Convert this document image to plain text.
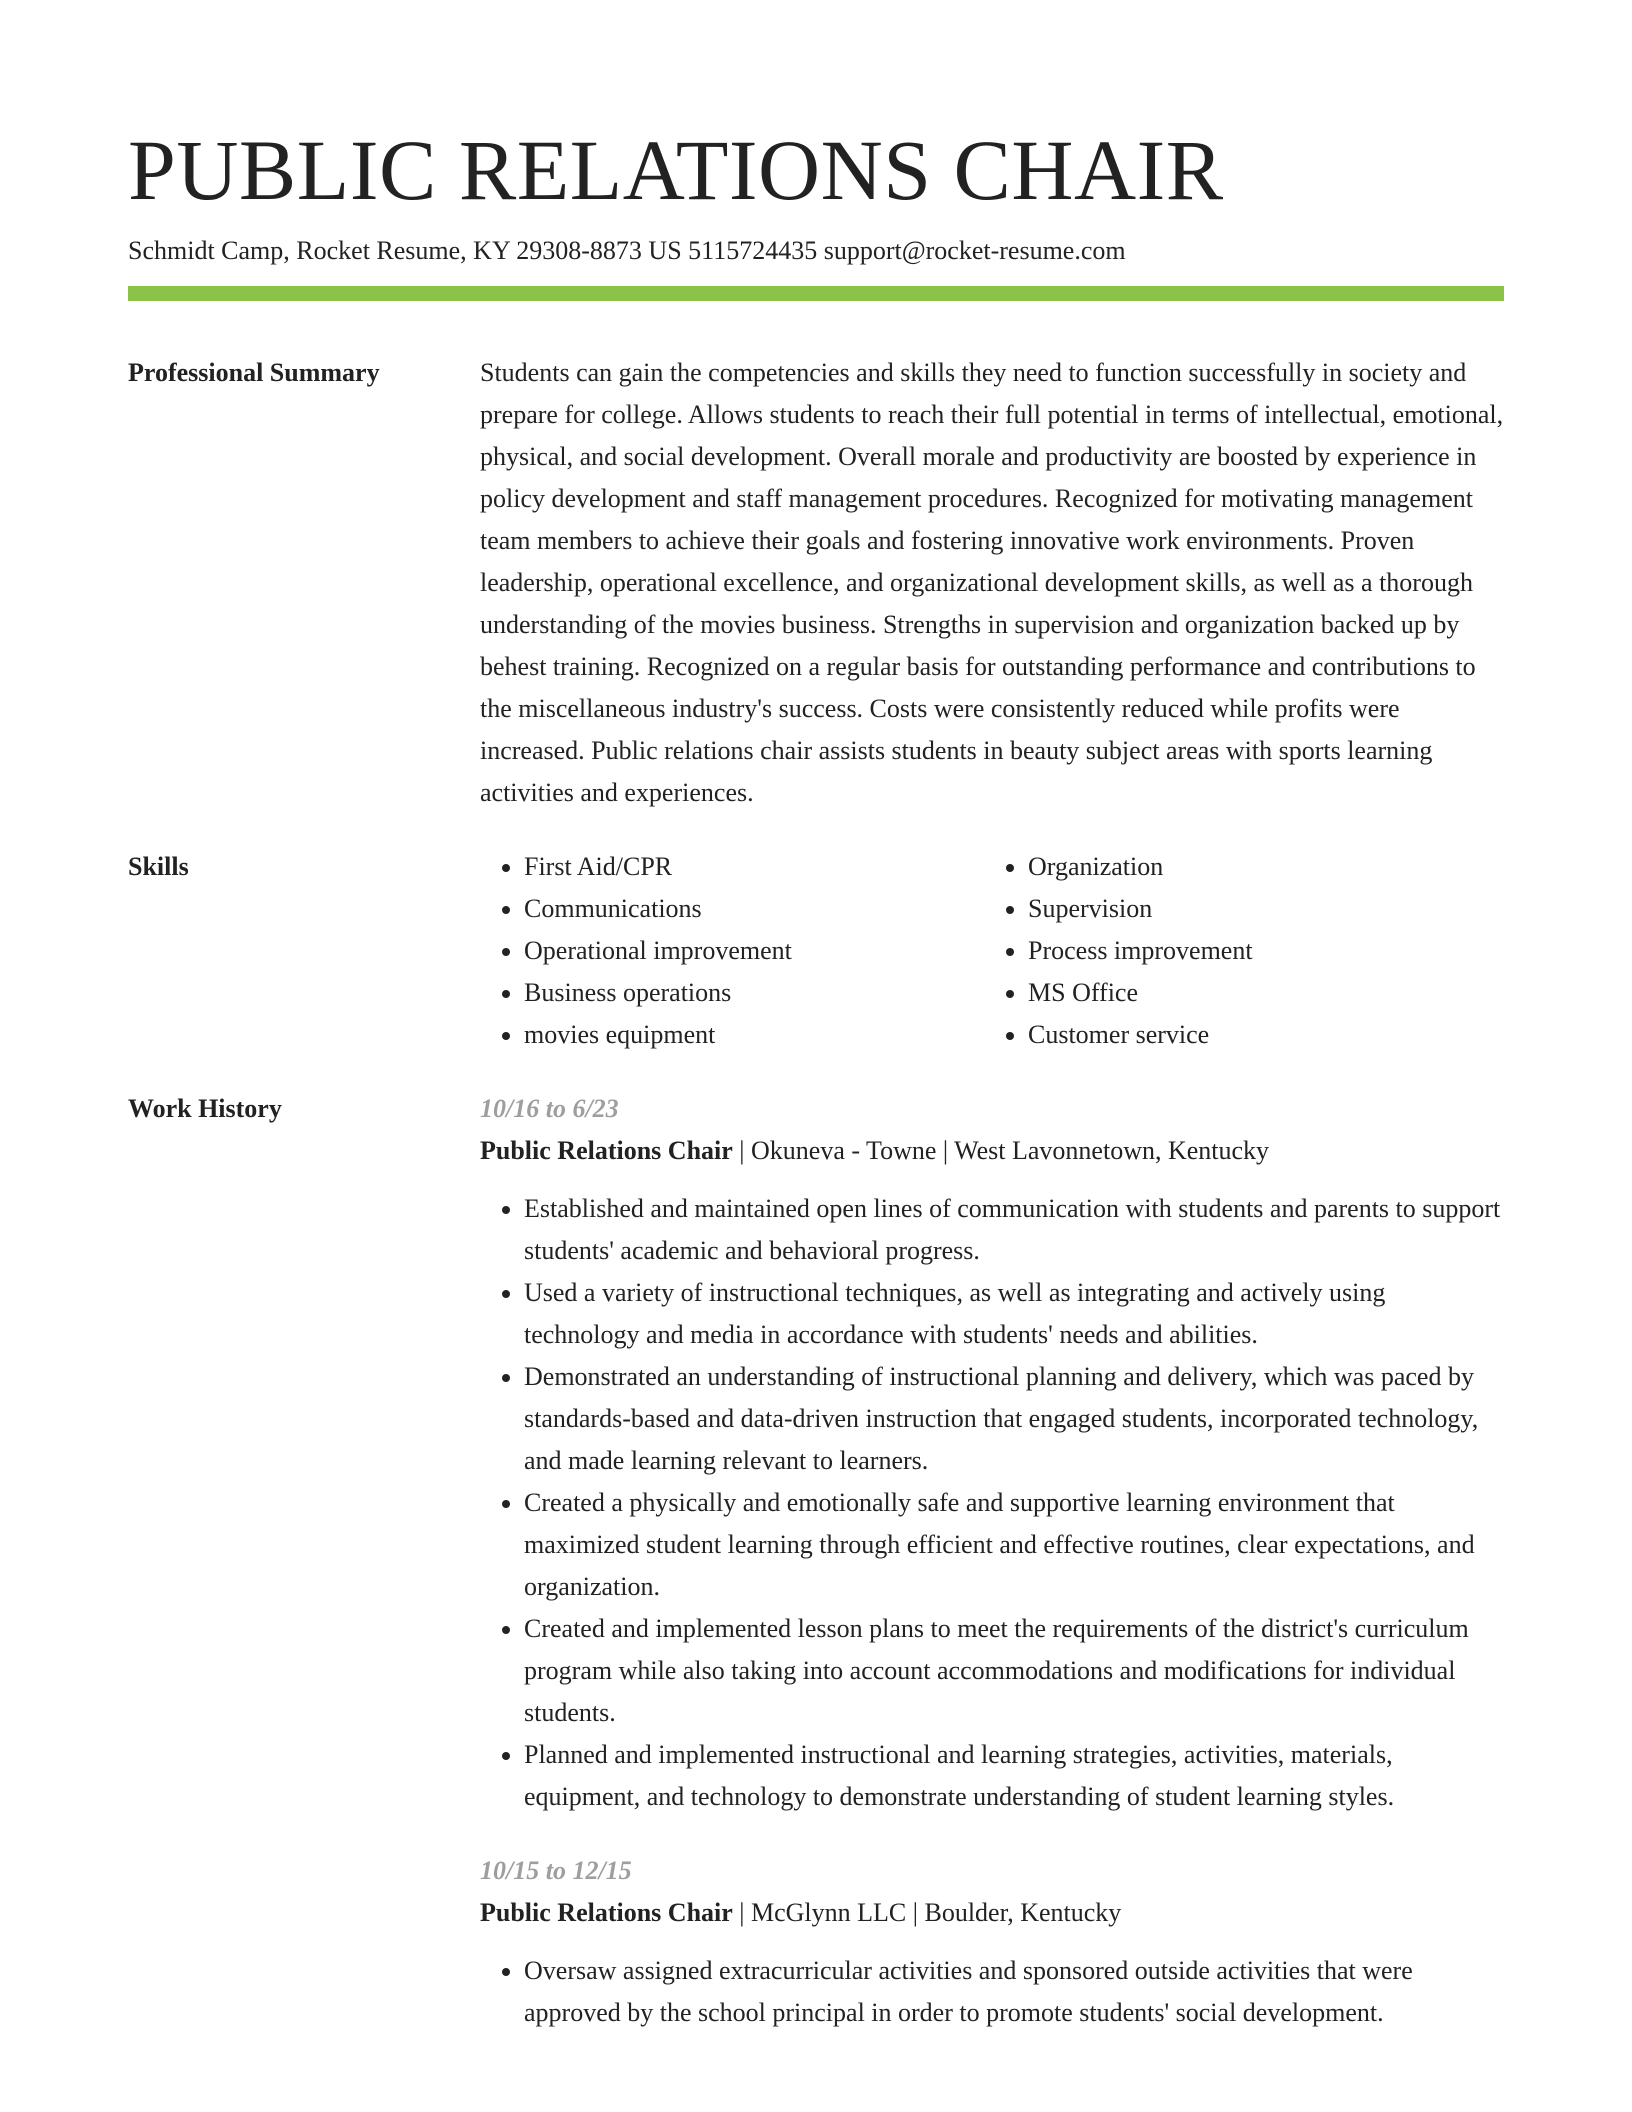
PUBLIC RELATIONS CHAIR
Schmidt Camp, Rocket Resume, KY 29308-8873 US 5115724435 support@rocket-resume.com
Professional Summary	Students can gain the competencies and skills they need to function successfully in society and prepare for college. Allows students to reach their full potential in terms of intellectual, emotional, physical, and social development. Overall morale and productivity are boosted by experience in policy development and staff management procedures. Recognized for motivating management team members to achieve their goals and fostering innovative work environments. Proven leadership, operational excellence, and organizational development skills, as well as a thorough understanding of the movies business. Strengths in supervision and organization backed up by behest training. Recognized on a regular basis for outstanding performance and contributions to the miscellaneous industry's success. Costs were consistently reduced while profits were increased. Public relations chair assists students in beauty subject areas with sports learning activities and experiences.
Skills
•	First Aid/CPR
• Communications
• Operational improvement
• Business operations
• movies equipment
• Organization
• Supervision
• Process improvement
• MS Office
• Customer service
Work History	10/16 to 6/23
Public Relations Chair | Okuneva - Towne | West Lavonnetown, Kentucky
• Established and maintained open lines of communication with students and parents to support students' academic and behavioral progress.
• Used a variety of instructional techniques, as well as integrating and actively using technology and media in accordance with students' needs and abilities.
• Demonstrated an understanding of instructional planning and delivery, which was paced by standards-based and data-driven instruction that engaged students, incorporated technology, and made learning relevant to learners.
• Created a physically and emotionally safe and supportive learning environment that maximized student learning through efficient and effective routines, clear expectations, and organization.
• Created and implemented lesson plans to meet the requirements of the district's curriculum program while also taking into account accommodations and modifications for individual students.
• Planned and implemented instructional and learning strategies, activities, materials, equipment, and technology to demonstrate understanding of student learning styles.
10/15 to 12/15
Public Relations Chair | McGlynn LLC | Boulder, Kentucky
• Oversaw assigned extracurricular activities and sponsored outside activities that were approved by the school principal in order to promote students' social development.
